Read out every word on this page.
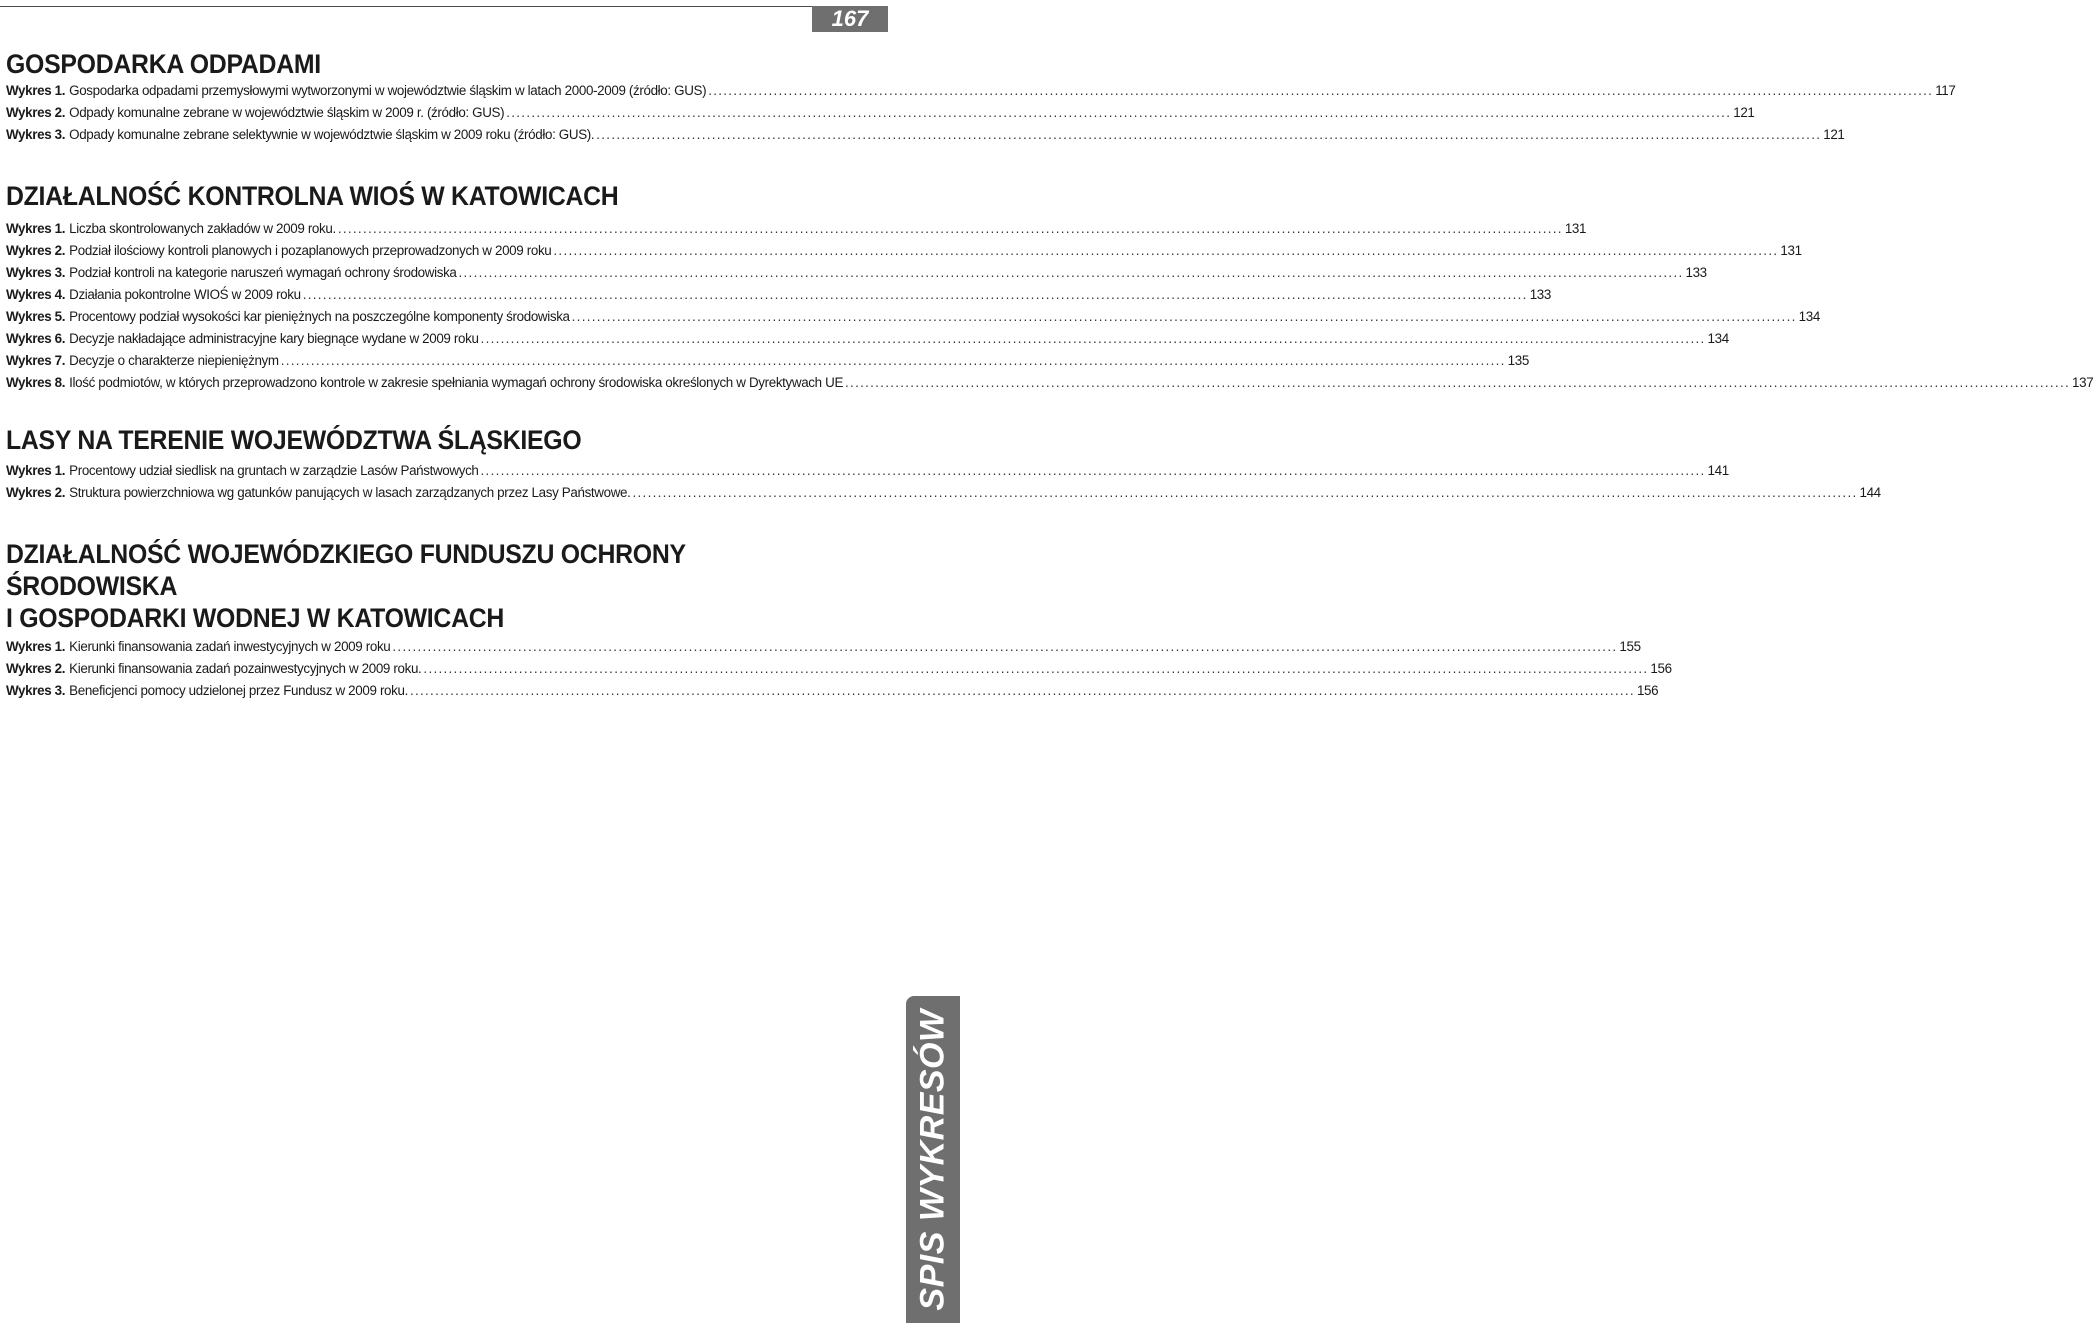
167
GOSPODARKA ODPADAMI
Wykres 1. Gospodarka odpadami przemysłowymi wytworzonymi w województwie śląskim w latach 2000-2009 (źródło: GUS) .....	117
Wykres 2. Odpady komunalne zebrane w województwie śląskim w 2009 r. (źródło: GUS) .....	121
Wykres 3. Odpady komunalne zebrane selektywnie w województwie śląskim w 2009 roku (źródło: GUS). .....	121
DZIAŁALNOŚĆ KONTROLNA WIOŚ W KATOWICACH
Wykres 1. Liczba skontrolowanych zakładów w 2009 roku. .....	131
Wykres 2. Podział ilościowy kontroli planowych i pozaplanowych przeprowadzonych w 2009 roku .....	131
Wykres 3. Podział kontroli na kategorie naruszeń wymagań ochrony środowiska .....	133
Wykres 4. Działania pokontrolne WIOŚ w 2009 roku .....	133
Wykres 5. Procentowy podział wysokości kar pieniężnych na poszczególne komponenty środowiska .....	134
Wykres 6. Decyzje nakładające administracyjne kary biegnące wydane w 2009 roku .....	134
Wykres 7. Decyzje o charakterze niepieniężnym .....	135
Wykres 8. Ilość podmiotów, w których przeprowadzono kontrole w zakresie spełniania wymagań ochrony środowiska określonych w Dyrektywach UE .....	137
LASY NA TERENIE WOJEWÓDZTWA ŚLĄSKIEGO
Wykres 1. Procentowy udział siedlisk na gruntach w zarządzie Lasów Państwowych .....	141
Wykres 2. Struktura powierzchniowa wg gatunków panujących w lasach zarządzanych przez Lasy Państwowe. .....	144
DZIAŁALNOŚĆ WOJEWÓDZKIEGO FUNDUSZU OCHRONY ŚRODOWISKA
I GOSPODARKI WODNEJ W KATOWICACH
Wykres 1. Kierunki finansowania zadań inwestycyjnych w 2009 roku .....	155
Wykres 2. Kierunki finansowania zadań pozainwestycyjnych w 2009 roku. .....	156
Wykres 3. Beneficjenci pomocy udzielonej przez Fundusz w 2009 roku. .....	156
SPIS WYKRESÓW
